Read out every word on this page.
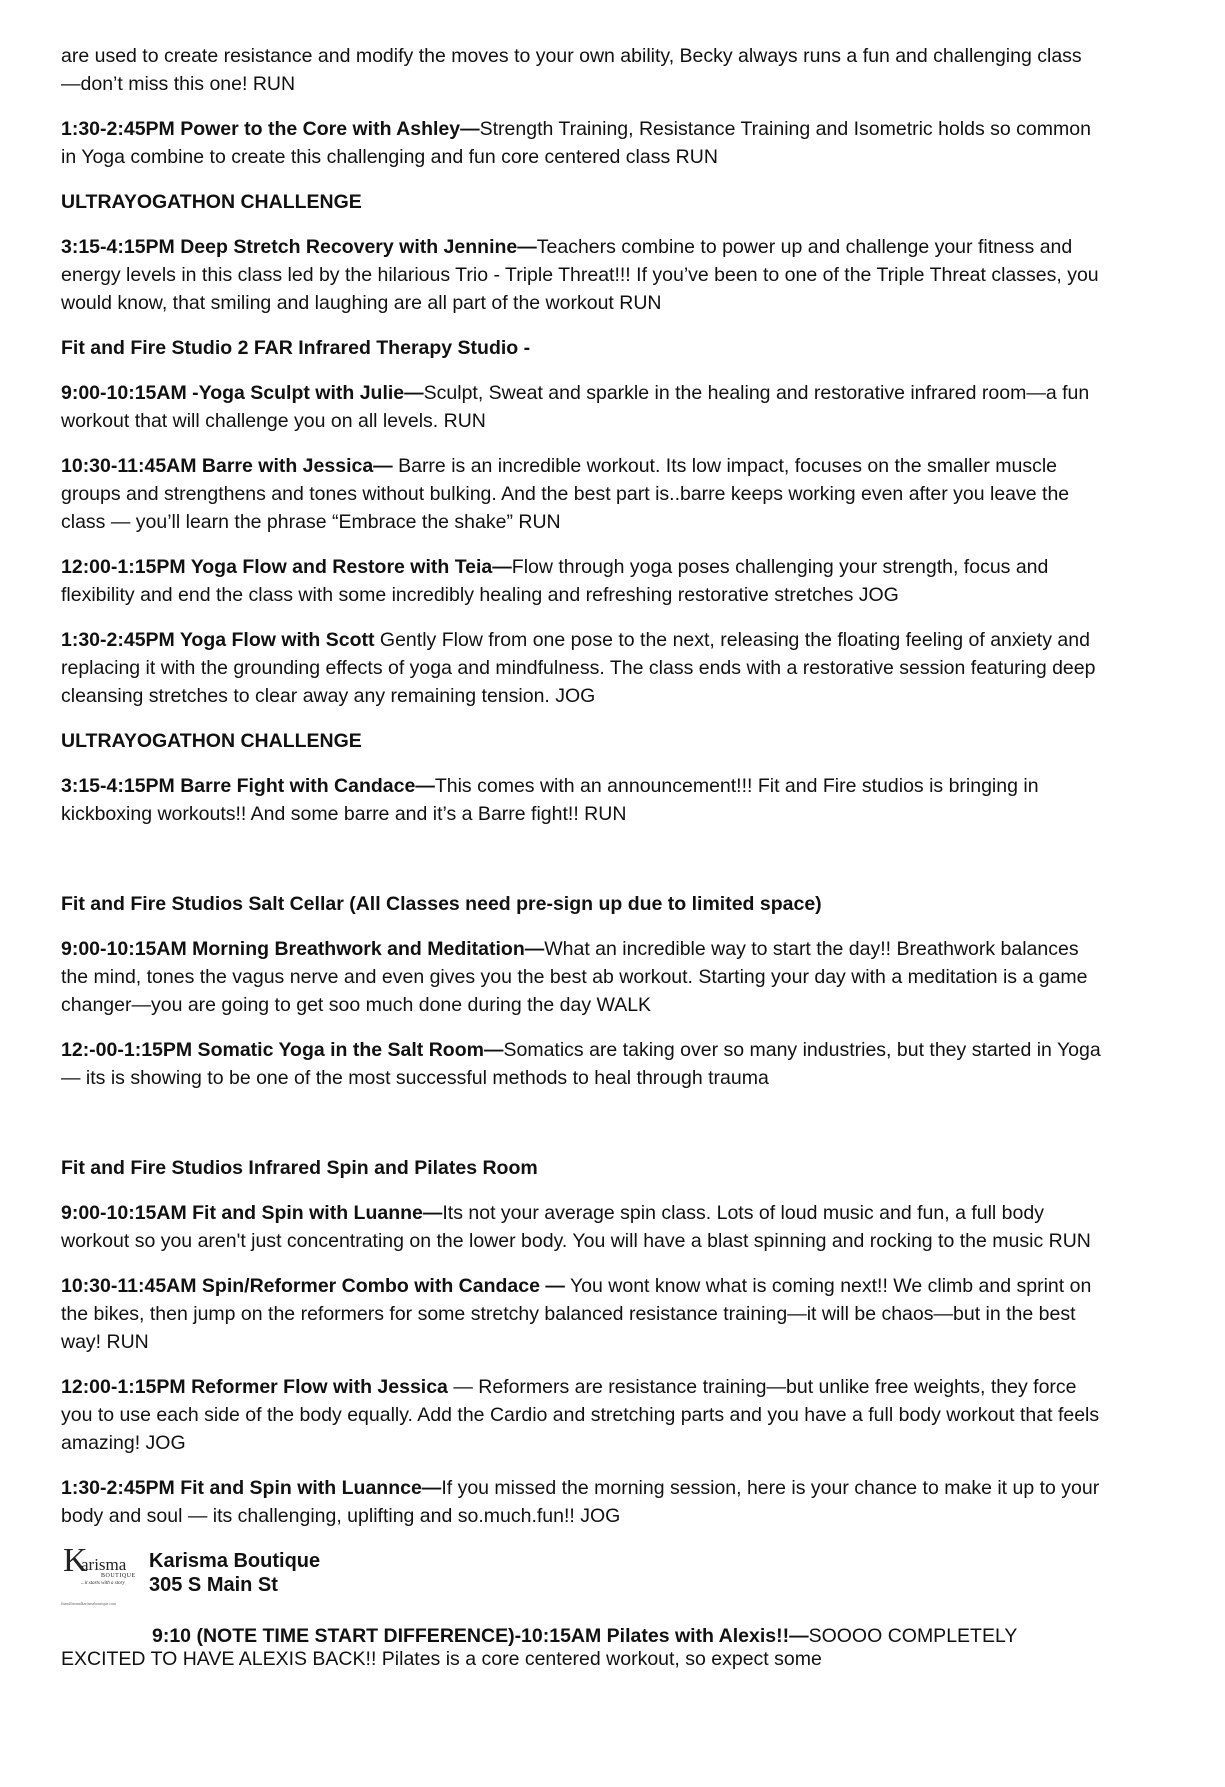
are used to create resistance and modify the moves to your own ability, Becky always runs a fun and challenging class—don’t miss this one! RUN

1:30-2:45PM Power to the Core with Ashley—Strength Training, Resistance Training and Isometric holds so common in Yoga combine to create this challenging and fun core centered class RUN

ULTRAYOGATHON CHALLENGE

3:15-4:15PM Deep Stretch Recovery with Jennine—Teachers combine to power up and challenge your fitness and energy levels in this class led by the hilarious Trio - Triple Threat!!! If you’ve been to one of the Triple Threat classes, you would know, that smiling and laughing are all part of the workout RUN

Fit and Fire Studio 2 FAR Infrared Therapy Studio -

9:00-10:15AM -Yoga Sculpt with Julie—Sculpt, Sweat and sparkle in the healing and restorative infrared room—a fun workout that will challenge you on all levels. RUN

10:30-11:45AM Barre with Jessica— Barre is an incredible workout. Its low impact, focuses on the smaller muscle groups and strengthens and tones without bulking. And the best part is..barre keeps working even after you leave the class — you’ll learn the phrase “Embrace the shake” RUN

12:00-1:15PM Yoga Flow and Restore with Teia—Flow through yoga poses challenging your strength, focus and flexibility and end the class with some incredibly healing and refreshing restorative stretches JOG

1:30-2:45PM Yoga Flow with Scott Gently Flow from one pose to the next, releasing the floating feeling of anxiety and replacing it with the grounding effects of yoga and mindfulness. The class ends with a restorative session featuring deep cleansing stretches to clear away any remaining tension. JOG

ULTRAYOGATHON CHALLENGE

3:15-4:15PM Barre Fight with Candace—This comes with an announcement!!! Fit and Fire studios is bringing in kickboxing workouts!! And some barre and it’s a Barre fight!! RUN

Fit and Fire Studios Salt Cellar (All Classes need pre-sign up due to limited space)

9:00-10:15AM Morning Breathwork and Meditation—What an incredible way to start the day!! Breathwork balances the mind, tones the vagus nerve and even gives you the best ab workout. Starting your day with a meditation is a game changer—you are going to get soo much done during the day WALK

12:-00-1:15PM Somatic Yoga in the Salt Room—Somatics are taking over so many industries, but they started in Yoga — its is showing to be one of the most successful methods to heal through trauma

Fit and Fire Studios Infrared Spin and Pilates Room

9:00-10:15AM Fit and Spin with Luanne—Its not your average spin class. Lots of loud music and fun, a full body workout so you aren't just concentrating on the lower body. You will have a blast spinning and rocking to the music RUN

10:30-11:45AM Spin/Reformer Combo with Candace — You wont know what is coming next!! We climb and sprint on the bikes, then jump on the reformers for some stretchy balanced resistance training—it will be chaos—but in the best way! RUN

12:00-1:15PM Reformer Flow with Jessica — Reformers are resistance training—but unlike free weights, they force you to use each side of the body equally. Add the Cardio and stretching parts and you have a full body workout that feels amazing! JOG

1:30-2:45PM Fit and Spin with Luannce—If you missed the morning session, here is your chance to make it up to your body and soul — its challenging, uplifting and so.much.fun!! JOG

K
arisma
BOUTIQUE
...it starts with a story
fitandfireandkarismaboutique.com
Karisma Boutique
305 S Main St

9:10 (NOTE TIME START DIFFERENCE)-10:15AM Pilates with Alexis!!—SOOOO COMPLETELY EXCITED TO HAVE ALEXIS BACK!! Pilates is a core centered workout, so expect some
